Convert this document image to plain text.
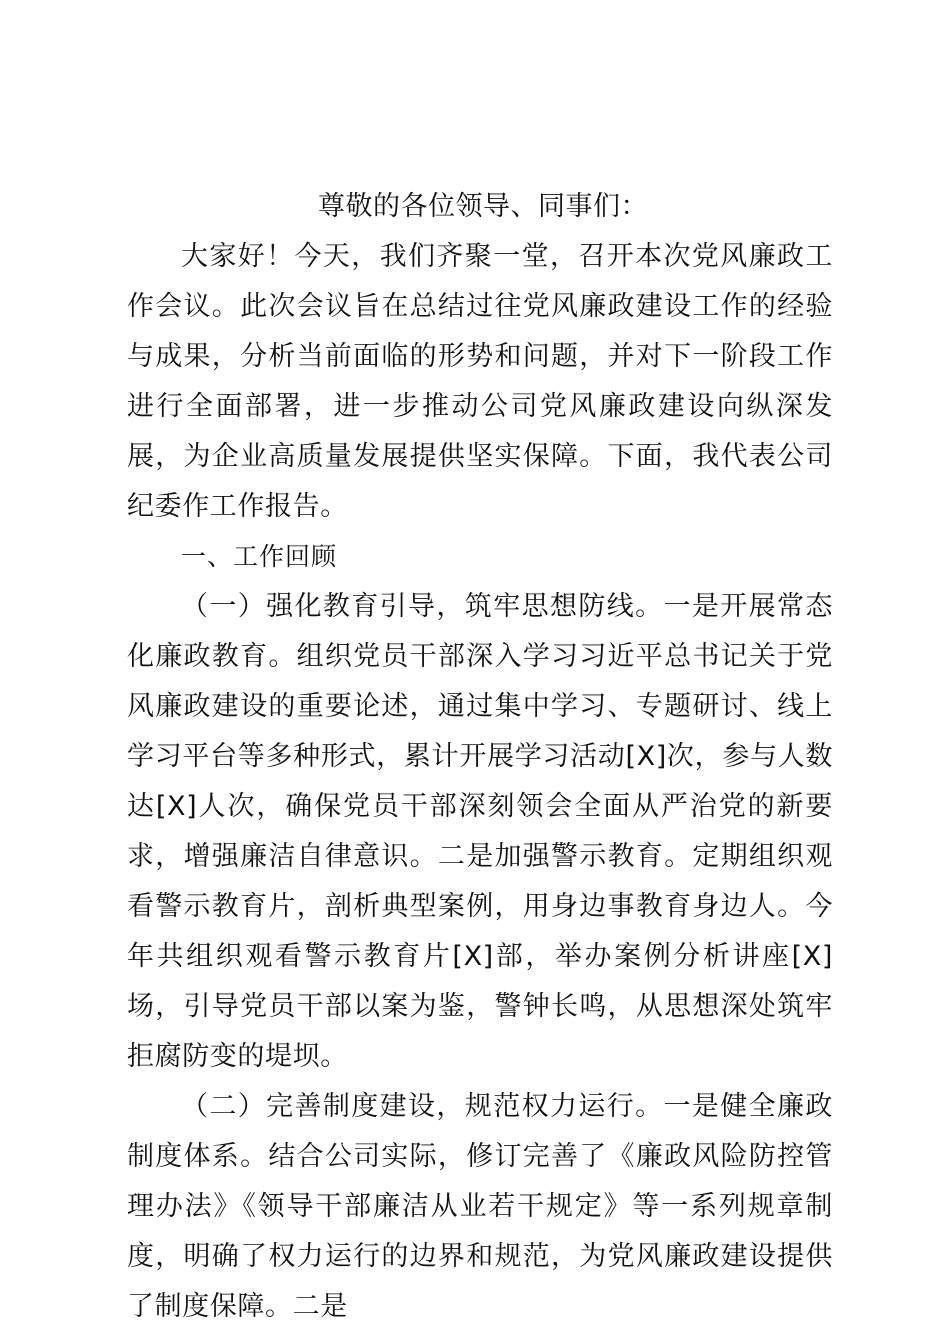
尊敬的各位领导、同事们：

大家好！今天，我们齐聚一堂，召开本次党风廉政工作会议。此次会议旨在总结过往党风廉政建设工作的经验与成果，分析当前面临的形势和问题，并对下一阶段工作进行全面部署，进一步推动公司党风廉政建设向纵深发展，为企业高质量发展提供坚实保障。下面，我代表公司纪委作工作报告。

一、工作回顾

（一）强化教育引导，筑牢思想防线。一是开展常态化廉政教育。组织党员干部深入学习习近平总书记关于党风廉政建设的重要论述，通过集中学习、专题研讨、线上学习平台等多种形式，累计开展学习活动[X]次，参与人数达[X]人次，确保党员干部深刻领会全面从严治党的新要求，增强廉洁自律意识。二是加强警示教育。定期组织观看警示教育片，剖析典型案例，用身边事教育身边人。今年共组织观看警示教育片[X]部，举办案例分析讲座[X]场，引导党员干部以案为鉴，警钟长鸣，从思想深处筑牢拒腐防变的堤坝。

（二）完善制度建设，规范权力运行。一是健全廉政制度体系。结合公司实际，修订完善了《廉政风险防控管理办法》《领导干部廉洁从业若干规定》等一系列规章制度，明确了权力运行的边界和规范，为党风廉政建设提供了制度保障。二是
